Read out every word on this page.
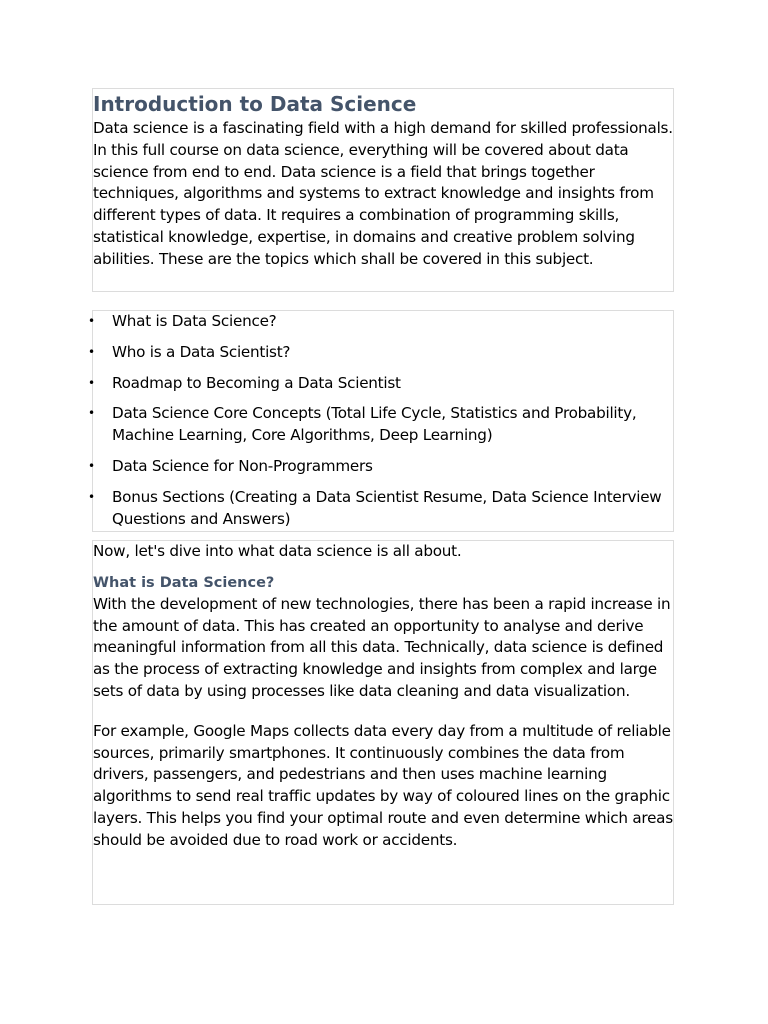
Introduction to Data Science

Data science is a fascinating field with a high demand for skilled professionals. In this full course on data science, everything will be covered about data science from end to end. Data science is a field that brings together techniques, algorithms and systems to extract knowledge and insights from different types of data. It requires a combination of programming skills, statistical knowledge, expertise, in domains and creative problem solving abilities. These are the topics which shall be covered in this subject.

• What is Data Science?
• Who is a Data Scientist?
• Roadmap to Becoming a Data Scientist
• Data Science Core Concepts (Total Life Cycle, Statistics and Probability, Machine Learning, Core Algorithms, Deep Learning)
• Data Science for Non-Programmers
• Bonus Sections (Creating a Data Scientist Resume, Data Science Interview Questions and Answers)

Now, let's dive into what data science is all about.

What is Data Science?

With the development of new technologies, there has been a rapid increase in the amount of data. This has created an opportunity to analyse and derive meaningful information from all this data. Technically, data science is defined as the process of extracting knowledge and insights from complex and large sets of data by using processes like data cleaning and data visualization.

For example, Google Maps collects data every day from a multitude of reliable sources, primarily smartphones. It continuously combines the data from drivers, passengers, and pedestrians and then uses machine learning algorithms to send real traffic updates by way of coloured lines on the graphic layers. This helps you find your optimal route and even determine which areas should be avoided due to road work or accidents.
